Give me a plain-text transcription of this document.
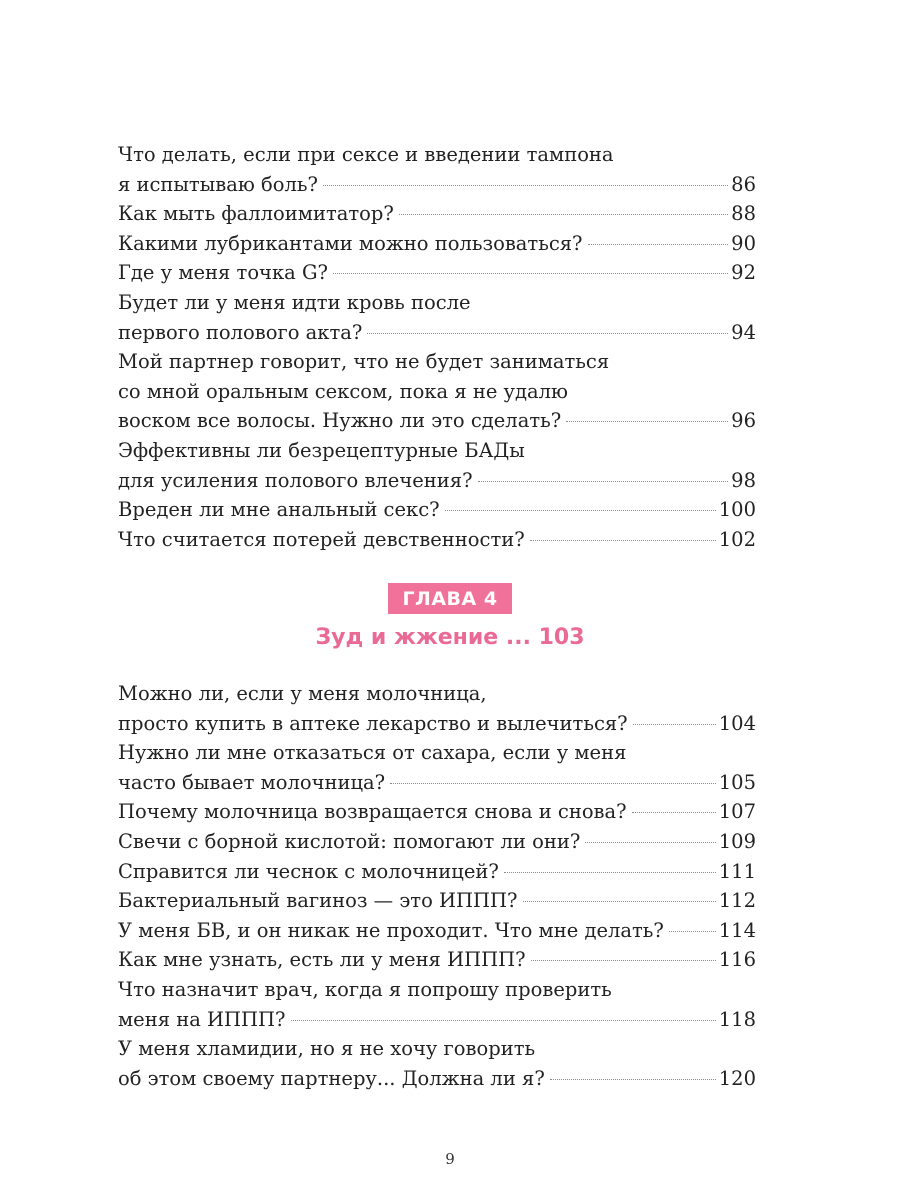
Что делать, если при сексе и введении тампона
я испытываю боль?	86
Как мыть фаллоимитатор?	88
Какими лубрикантами можно пользоваться?	90
Где у меня точка G?	92
Будет ли у меня идти кровь после
первого полового акта?	94
Мой партнер говорит, что не будет заниматься
со мной оральным сексом, пока я не удалю
воском все волосы. Нужно ли это сделать?	96
Эффективны ли безрецептурные БАДы
для усиления полового влечения?	98
Вреден ли мне анальный секс?	100
Что считается потерей девственности?	102
ГЛАВА 4
Зуд и жжение ... 103
Можно ли, если у меня молочница,
просто купить в аптеке лекарство и вылечиться?	104
Нужно ли мне отказаться от сахара, если у меня
часто бывает молочница?	105
Почему молочница возвращается снова и снова?	107
Свечи с борной кислотой: помогают ли они?	109
Справится ли чеснок с молочницей?	111
Бактериальный вагиноз — это ИППП?	112
У меня БВ, и он никак не проходит. Что мне делать?	114
Как мне узнать, есть ли у меня ИППП?	116
Что назначит врач, когда я попрошу проверить
меня на ИППП?	118
У меня хламидии, но я не хочу говорить
об этом своему партнеру... Должна ли я?	120
9
